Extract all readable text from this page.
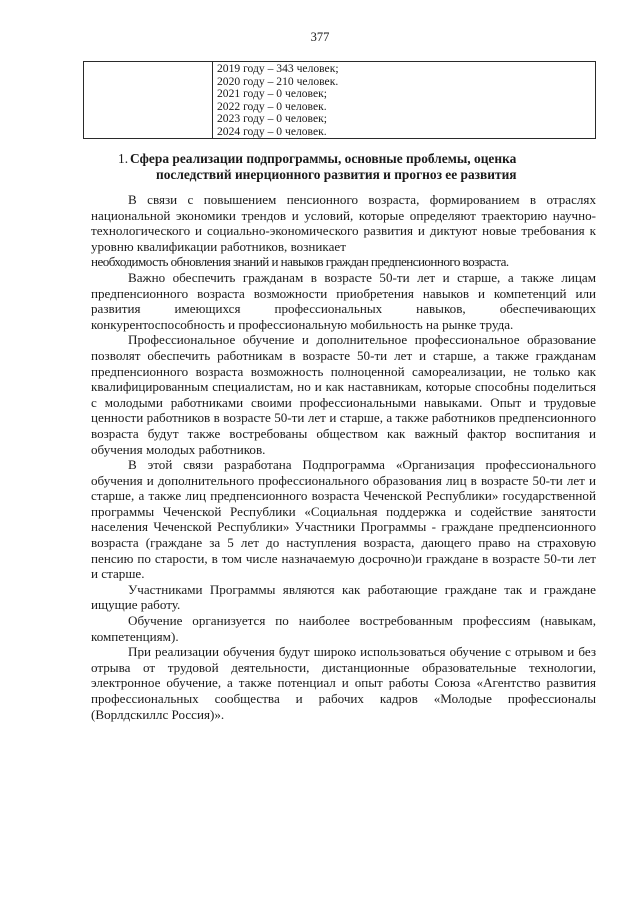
377
2019 году – 343 человек;
2020 году – 210 человек.
2021 году – 0 человек;
2022 году – 0 человек.
2023 году – 0 человек;
2024 году – 0 человек.
1. Сфера реализации подпрограммы, основные проблемы, оценка
последствий инерционного развития и прогноз ее развития

В связи с повышением пенсионного возраста, формированием в отраслях национальной экономики трендов и условий, которые определяют траекторию научно-технологического и социально-экономического развития и диктуют новые требования к уровню квалификации работников, возникает

необходимость обновления знаний и навыков граждан предпенсионного возраста.

Важно обеспечить гражданам в возрасте 50-ти лет и старше, а также лицам предпенсионного возраста возможности приобретения навыков и компетенций или развития имеющихся профессиональных навыков, обеспечивающих конкурентоспособность и профессиональную мобильность на рынке труда.

Профессиональное обучение и дополнительное профессиональное образование позволят обеспечить работникам в возрасте 50-ти лет и старше, а также гражданам предпенсионного возраста возможность полноценной самореализации, не только как квалифицированным специалистам, но и как наставникам, которые способны поделиться с молодыми работниками своими профессиональными навыками. Опыт и трудовые ценности работников в возрасте 50-ти лет и старше, а также работников предпенсионного возраста будут также востребованы обществом как важный фактор воспитания и обучения молодых работников.

В этой связи разработана Подпрограмма «Организация профессионального обучения и дополнительного профессионального образования лиц в возрасте 50-ти лет и старше, а также лиц предпенсионного возраста Чеченской Республики» государственной программы Чеченской Республики «Социальная поддержка и содействие занятости населения Чеченской Республики» Участники Программы - граждане предпенсионного возраста (граждане за 5 лет до наступления возраста, дающего право на страховую пенсию по старости, в том числе назначаемую досрочно)и граждане в возрасте 50-ти лет и старше.

Участниками Программы являются как работающие граждане так и граждане ищущие работу.

Обучение организуется по наиболее востребованным профессиям (навыкам, компетенциям).

При реализации обучения будут широко использоваться обучение с отрывом и без отрыва от трудовой деятельности, дистанционные образовательные технологии, электронное обучение, а также потенциал и опыт работы Союза «Агентство развития профессиональных сообщества и рабочих кадров «Молодые профессионалы (Ворлдскиллс Россия)».
